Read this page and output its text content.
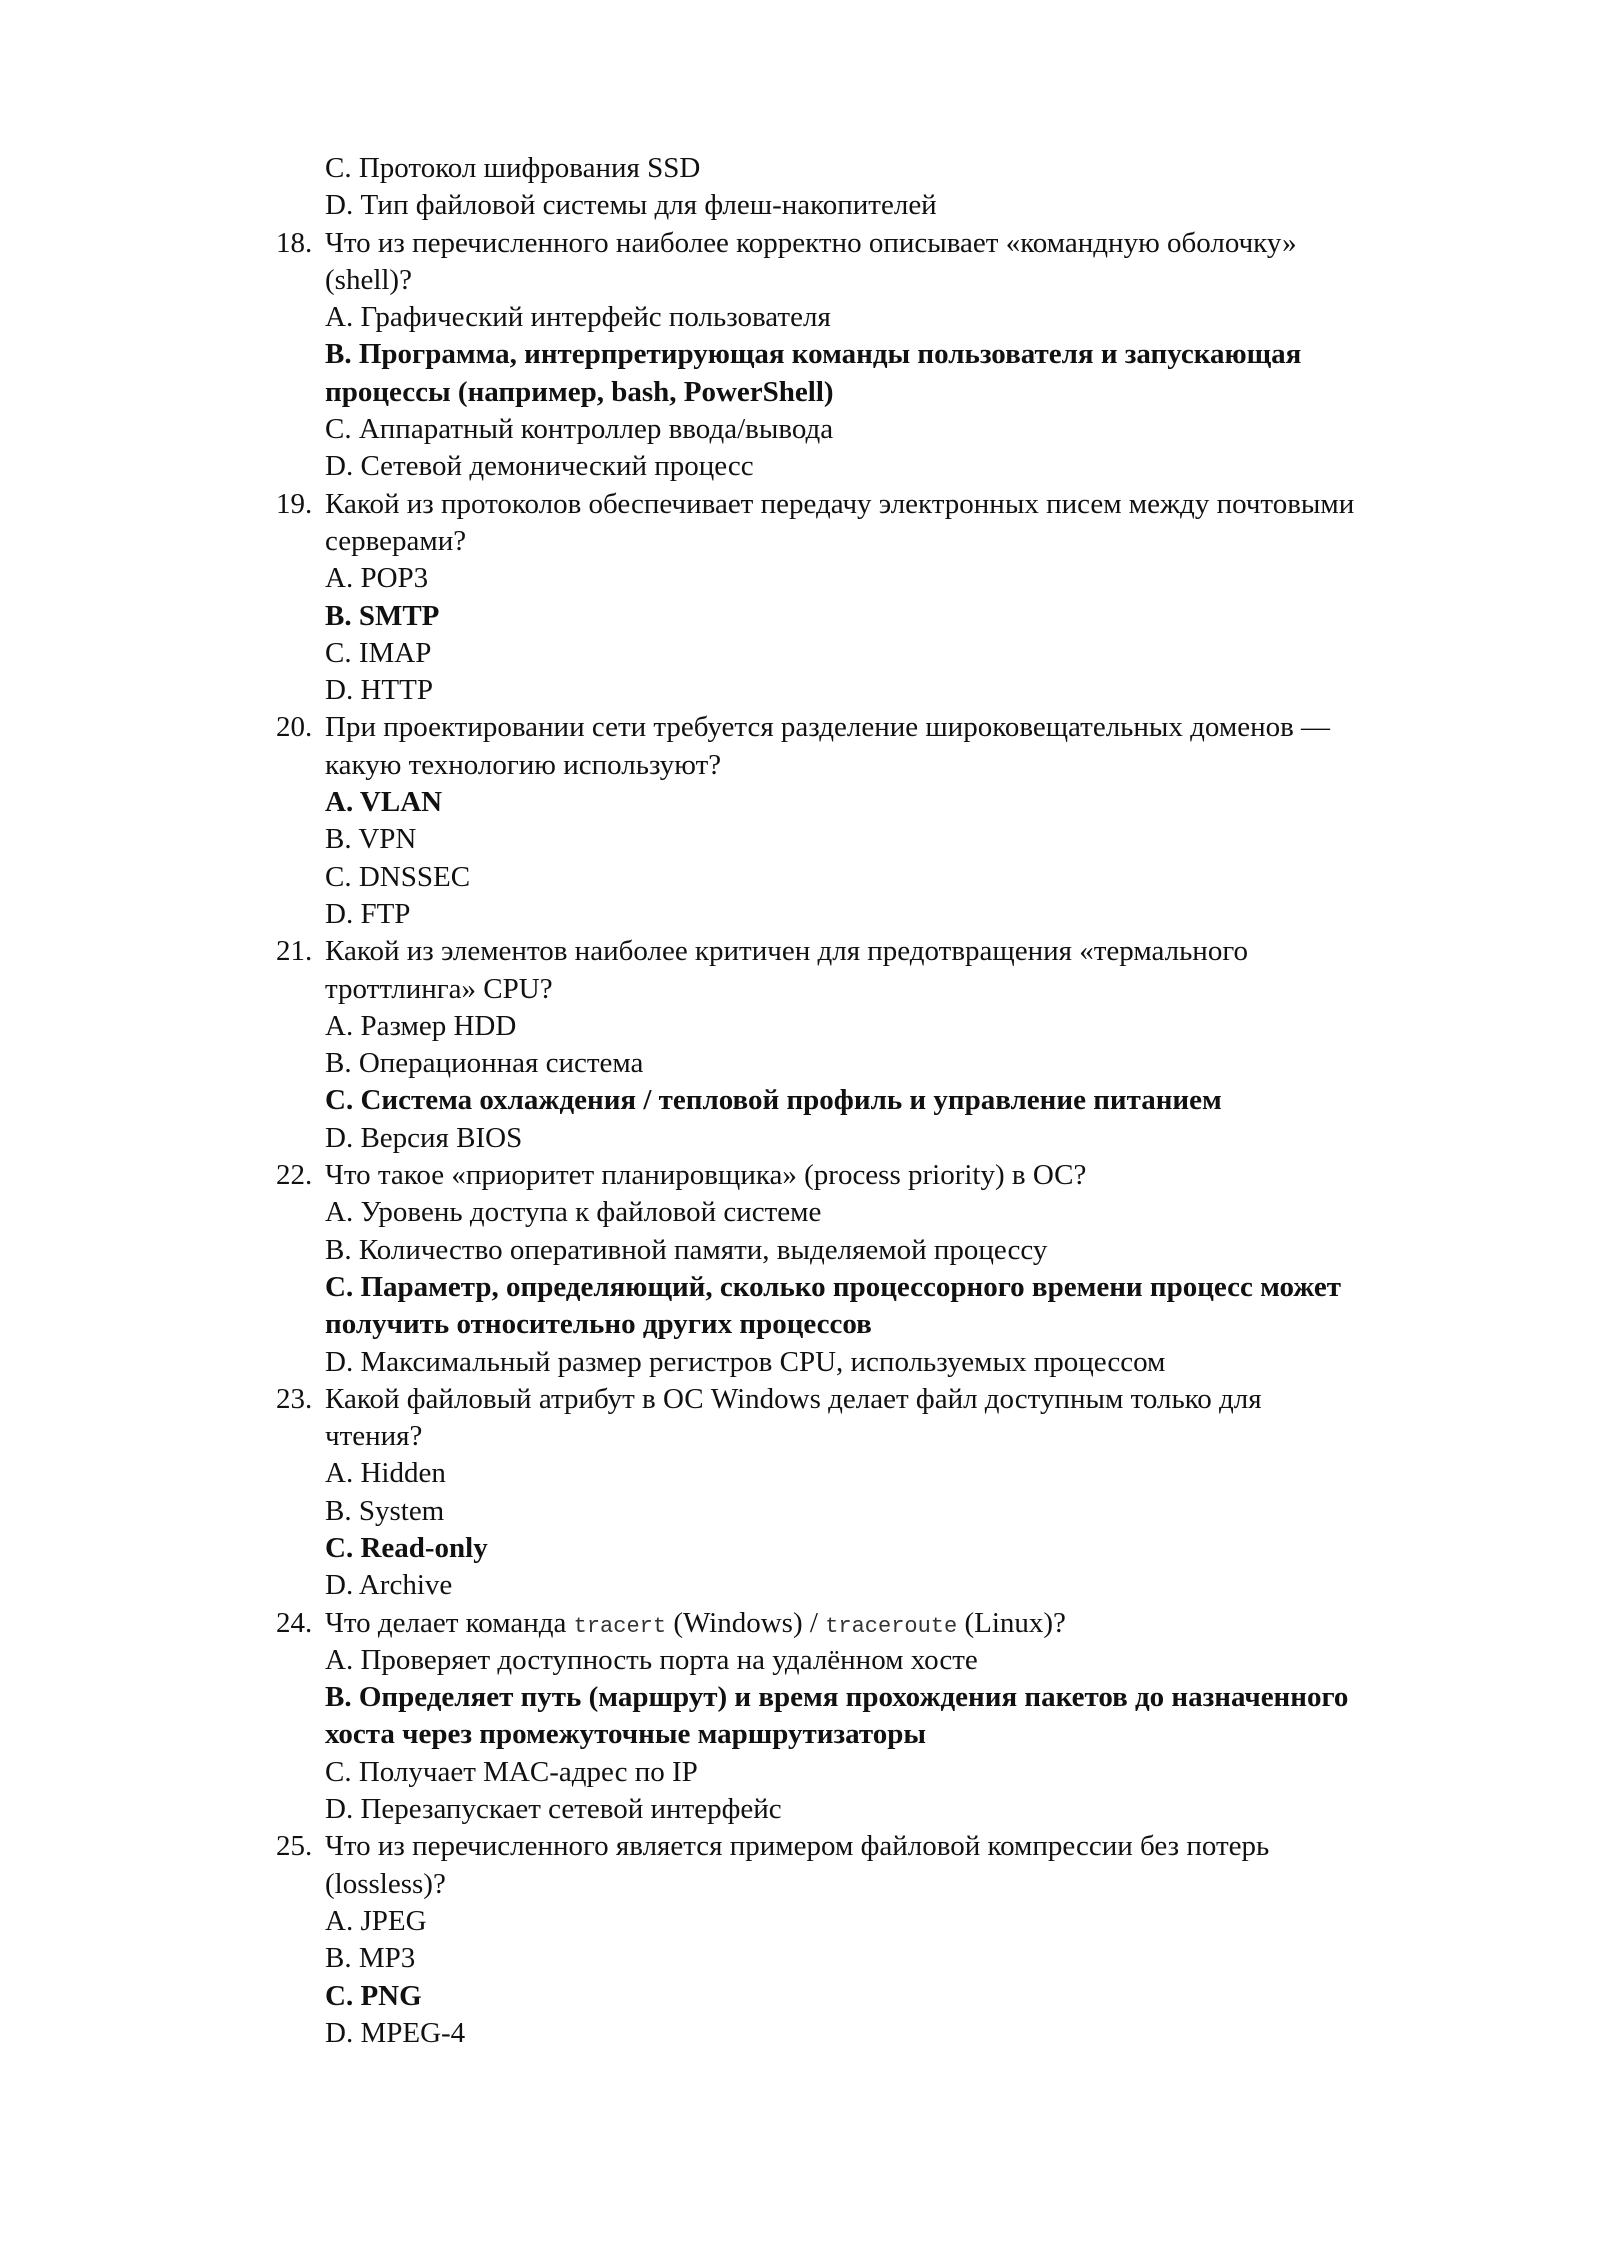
C. Протокол шифрования SSD
D. Тип файловой системы для флеш-накопителей
18. Что из перечисленного наиболее корректно описывает «командную оболочку»
(shell)?
A. Графический интерфейс пользователя
B. Программа, интерпретирующая команды пользователя и запускающая
процессы (например, bash, PowerShell)
C. Аппаратный контроллер ввода/вывода
D. Сетевой демонический процесс
19. Какой из протоколов обеспечивает передачу электронных писем между почтовыми
серверами?
A. POP3
B. SMTP
C. IMAP
D. HTTP
20. При проектировании сети требуется разделение широковещательных доменов —
какую технологию используют?
A. VLAN
B. VPN
C. DNSSEC
D. FTP
21. Какой из элементов наиболее критичен для предотвращения «термального
троттлинга» CPU?
A. Размер HDD
B. Операционная система
C. Система охлаждения / тепловой профиль и управление питанием
D. Версия BIOS
22. Что такое «приоритет планировщика» (process priority) в ОС?
A. Уровень доступа к файловой системе
B. Количество оперативной памяти, выделяемой процессу
C. Параметр, определяющий, сколько процессорного времени процесс может
получить относительно других процессов
D. Максимальный размер регистров CPU, используемых процессом
23. Какой файловый атрибут в ОС Windows делает файл доступным только для
чтения?
A. Hidden
B. System
C. Read-only
D. Archive
24. Что делает команда tracert (Windows) / traceroute (Linux)?
A. Проверяет доступность порта на удалённом хосте
B. Определяет путь (маршрут) и время прохождения пакетов до назначенного
хоста через промежуточные маршрутизаторы
C. Получает MAC-адрес по IP
D. Перезапускает сетевой интерфейс
25. Что из перечисленного является примером файловой компрессии без потерь
(lossless)?
A. JPEG
B. MP3
C. PNG
D. MPEG-4
